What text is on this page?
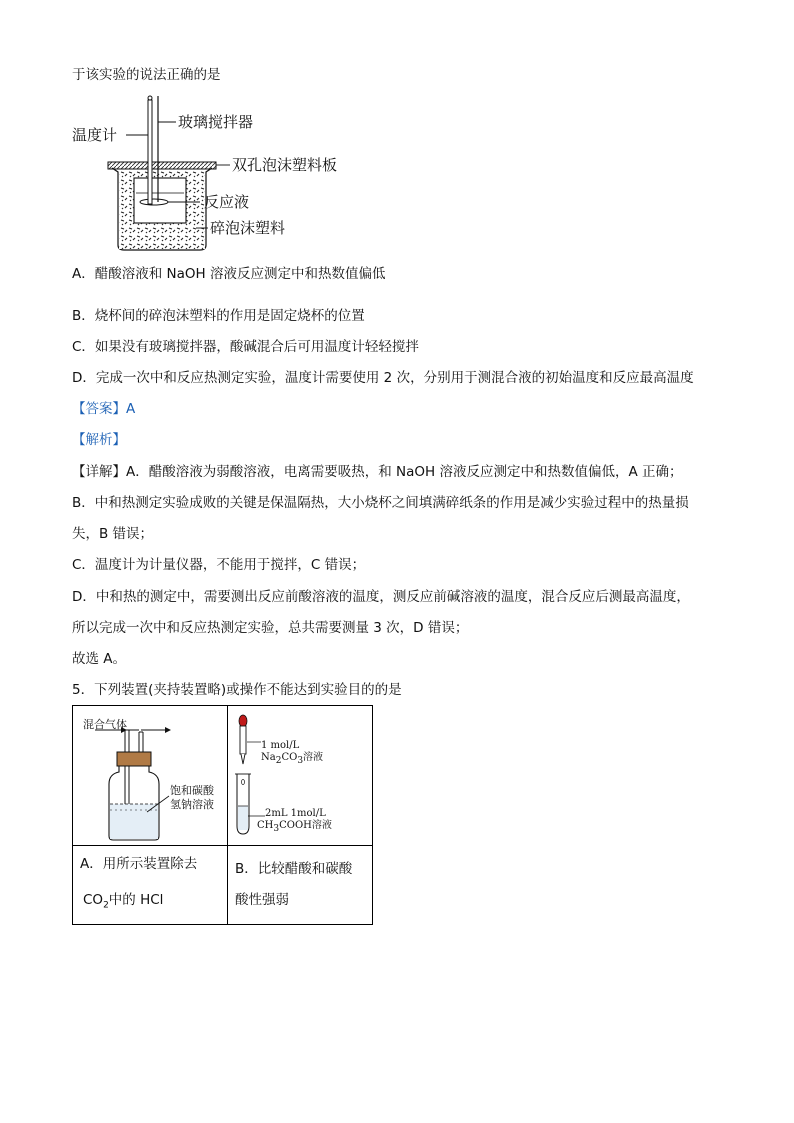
于该实验的说法正确的是
温度计
玻璃搅拌器
双孔泡沫塑料板
反应液
碎泡沫塑料
A．醋酸溶液和 NaOH 溶液反应测定中和热数值偏低
B．烧杯间的碎泡沫塑料的作用是固定烧杯的位置
C．如果没有玻璃搅拌器，酸碱混合后可用温度计轻轻搅拌
D．完成一次中和反应热测定实验，温度计需要使用 2 次，分别用于测混合液的初始温度和反应最高温度
【答案】A
【解析】
【详解】A．醋酸溶液为弱酸溶液，电离需要吸热，和 NaOH 溶液反应测定中和热数值偏低，A 正确；
B．中和热测定实验成败的关键是保温隔热，大小烧杯之间填满碎纸条的作用是减少实验过程中的热量损
失，B 错误；
C．温度计为计量仪器，不能用于搅拌，C 错误；
D．中和热的测定中，需要测出反应前酸溶液的温度，测反应前碱溶液的温度，混合反应后测最高温度，
所以完成一次中和反应热测定实验，总共需要测量 3 次，D 错误；
故选 A。
5．下列装置(夹持装置略)或操作不能达到实验目的的是
混合气体
饱和碳酸
氢钠溶液
1 mol/L
$Na_2CO_3$溶液
2mL 1mol/L
$CH_3COOH$溶液
A．用所示装置除去
$CO_2$中的 HCl
B．比较醋酸和碳酸
酸性强弱
